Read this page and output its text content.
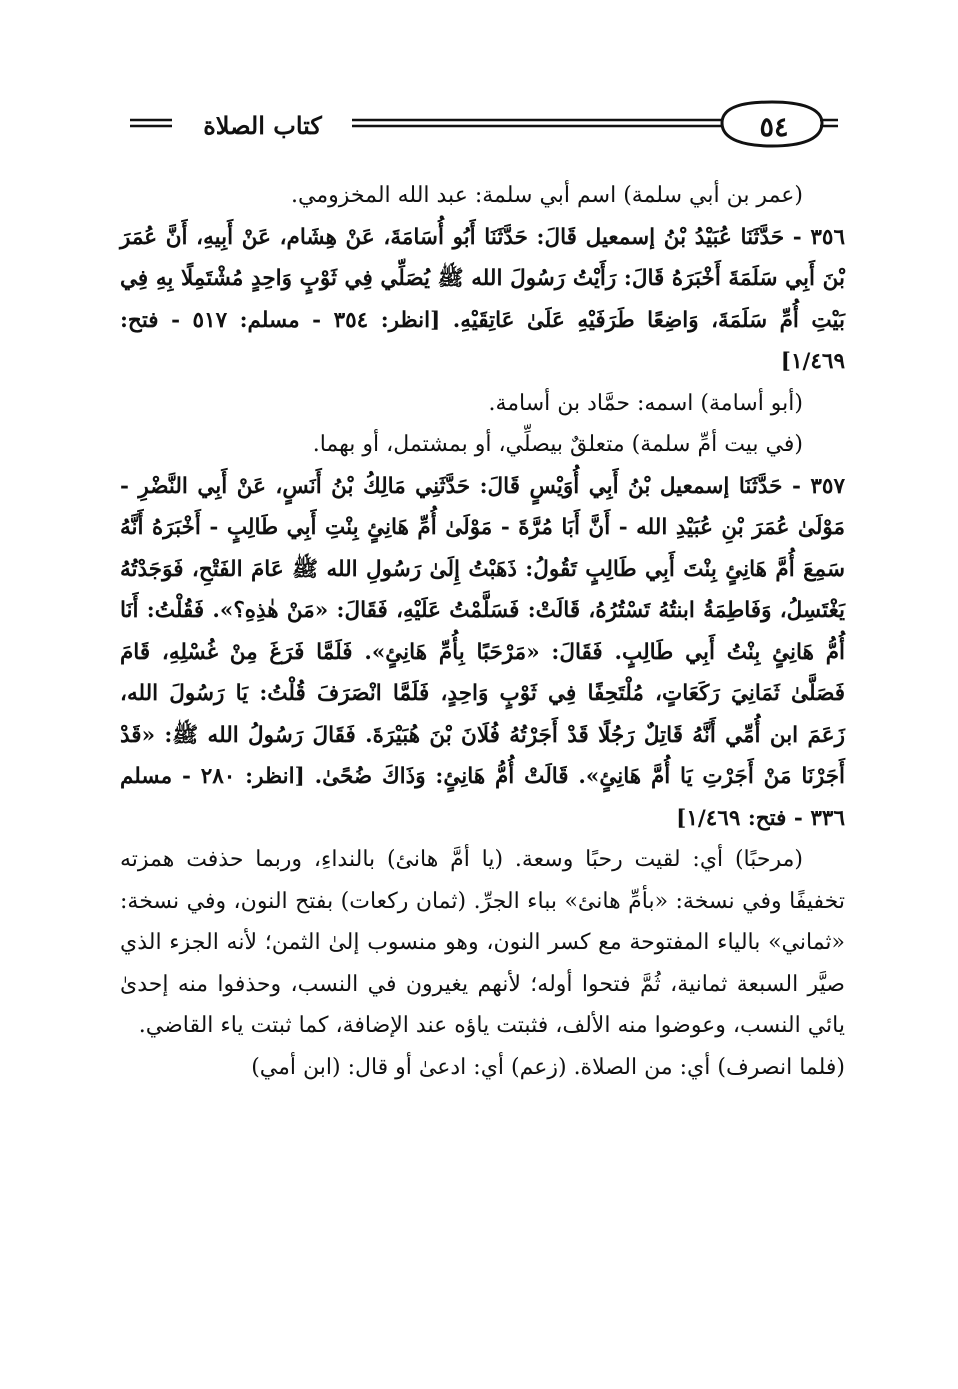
٥٤
كتاب الصلاة

(عمر بن أبي سلمة) اسم أبي سلمة: عبد الله المخزومي.

٣٥٦ - حَدَّثَنَا عُبَيْدُ بْنُ إسمعيل قَالَ: حَدَّثَنَا أَبُو أُسَامَةَ، عَنْ هِشَام، عَنْ أَبِيهِ، أَنَّ عُمَرَ بْنَ أَبِي سَلَمَةَ أَخْبَرَهُ قَالَ: رَأَيْتُ رَسُولَ الله ﷺ يُصَلِّي فِي ثَوْبٍ وَاحِدٍ مُشْتَمِلًا بِهِ فِي بَيْتِ أُمِّ سَلَمَةَ، وَاضِعًا طَرَفَيْهِ عَلَىٰ عَاتِقَيْهِ. [انظر: ٣٥٤ - مسلم: ٥١٧ - فتح: ١/٤٦٩]

(أبو أسامة) اسمه: حمَّاد بن أسامة.

(في بيت أمِّ سلمة) متعلقٌ بيصلِّي، أو بمشتمل، أو بهما.

٣٥٧ - حَدَّثَنَا إسمعيل بْنُ أَبِي أُوَيْسٍ قَالَ: حَدَّثَنِي مَالِكُ بْنُ أَنَسٍ، عَنْ أَبِي النَّضْرِ - مَوْلَىٰ عُمَرَ بْنِ عُبَيْدِ الله - أَنَّ أَبَا مُرَّةَ - مَوْلَىٰ أُمِّ هَانِئٍ بِنْتِ أَبِي طَالِبٍ - أَخْبَرَهُ أَنَّهُ سَمِعَ أُمَّ هَانِئٍ بِنْتَ أَبِي طَالِبٍ تَقُولُ: ذَهَبْتُ إِلَىٰ رَسُولِ الله ﷺ عَامَ الفَتْحِ، فَوَجَدْتُهُ يَغْتَسِلُ، وَفَاطِمَةُ ابنتُهُ تَسْتُرُهُ، قَالَتْ: فَسَلَّمْتُ عَلَيْهِ، فَقَالَ: «مَنْ هٰذِهِ؟». فَقُلْتُ: أَنَا أُمُّ هَانِئٍ بِنْتُ أَبِي طَالِبٍ. فَقَالَ: «مَرْحَبًا بِأُمِّ هَانِئٍ». فَلَمَّا فَرَغَ مِنْ غُسْلِهِ، قَامَ فَصَلَّىٰ ثَمَانِيَ رَكَعَاتٍ، مُلْتَحِفًا فِي ثَوْبٍ وَاحِدٍ، فَلَمَّا انْصَرَفَ قُلْتُ: يَا رَسُولَ الله، زَعَمَ ابن أُمِّي أَنَّهُ قَاتِلٌ رَجُلًا قَدْ أَجَرْتُهُ فُلَانَ بْنَ هُبَيْرَةَ. فَقَالَ رَسُولُ الله ﷺ: «قَدْ أَجَرْنَا مَنْ أَجَرْتِ يَا أُمَّ هَانِئٍ». قَالَتْ أُمُّ هَانِئٍ: وَذَاكَ ضُحًىٰ. [انظر: ٢٨٠ - مسلم ٣٣٦ - فتح: ١/٤٦٩]

(مرحبًا) أي: لقيت رحبًا وسعة. (يا أمَّ هانئ) بالنداءِ، وربما حذفت همزته تخفيفًا وفي نسخة: «بأمِّ هانئ» بباء الجرِّ. (ثمان ركعات) بفتح النون، وفي نسخة: «ثماني» بالياء المفتوحة مع كسر النون، وهو منسوب إلىٰ الثمن؛ لأنه الجزء الذي صيَّر السبعة ثمانية، ثُمَّ فتحوا أوله؛ لأنهم يغيرون في النسب، وحذفوا منه إحدىٰ يائي النسب، وعوضوا منه الألف، فثبتت ياؤه عند الإضافة، كما ثبتت ياء القاضي.

(فلما انصرف) أي: من الصلاة. (زعم) أي: ادعىٰ أو قال: (ابن أمي)
